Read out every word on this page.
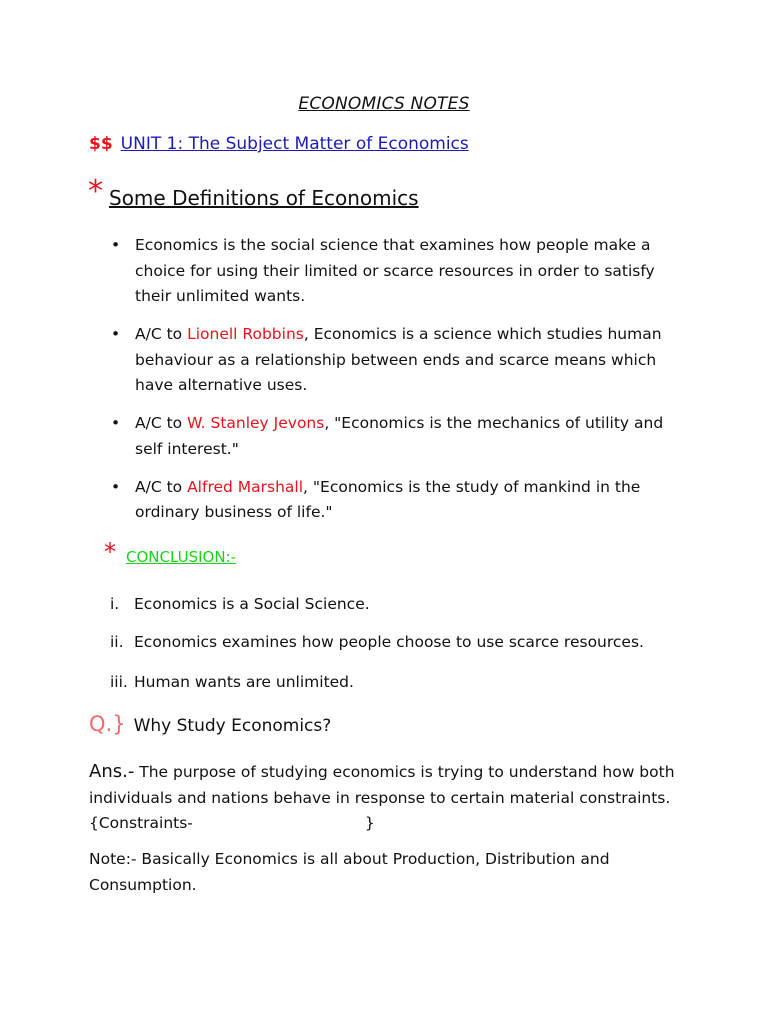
ECONOMICS NOTES
$$ UNIT 1: The Subject Matter of Economics
* Some Definitions of Economics
• Economics is the social science that examines how people make a choice for using their limited or scarce resources in order to satisfy their unlimited wants.
• A/C to Lionell Robbins, Economics is a science which studies human behaviour as a relationship between ends and scarce means which have alternative uses.
• A/C to W. Stanley Jevons, "Economics is the mechanics of utility and self interest."
• A/C to Alfred Marshall, "Economics is the study of mankind in the ordinary business of life."
* CONCLUSION:-
i. Economics is a Social Science.
ii. Economics examines how people choose to use scarce resources.
iii. Human wants are unlimited.
Q.} Why Study Economics?
Ans.- The purpose of studying economics is trying to understand how both individuals and nations behave in response to certain material constraints. {Constraints-	}
Note:- Basically Economics is all about Production, Distribution and Consumption.
